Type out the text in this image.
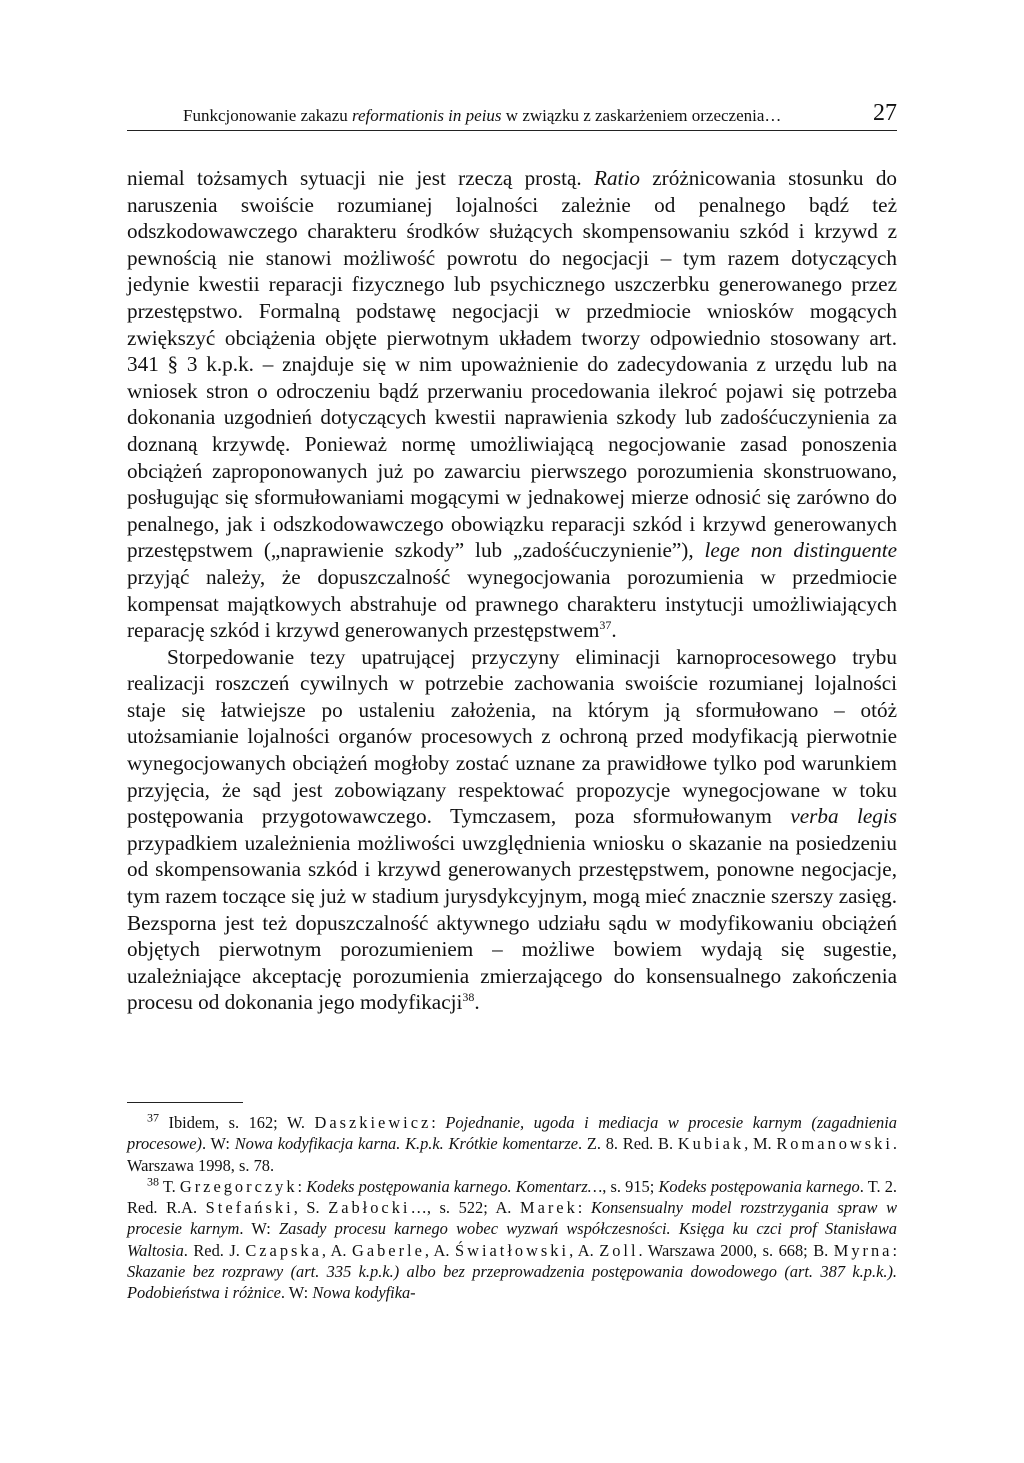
Funkcjonowanie zakazu reformationis in peius w związku z zaskarżeniem orzeczenia…	27

niemal tożsamych sytuacji nie jest rzeczą prostą. Ratio zróżnicowania stosunku do naruszenia swoiście rozumianej lojalności zależnie od penalnego bądź też odszkodowawczego charakteru środków służących skompensowaniu szkód i krzywd z pewnością nie stanowi możliwość powrotu do negocjacji – tym razem dotyczących jedynie kwestii reparacji fizycznego lub psychicznego uszczerbku generowanego przez przestępstwo. Formalną podstawę negocjacji w przedmiocie wniosków mogących zwiększyć obciążenia objęte pierwotnym układem tworzy odpowiednio stosowany art. 341 § 3 k.p.k. – znajduje się w nim upoważnienie do zadecydowania z urzędu lub na wniosek stron o odroczeniu bądź przerwaniu procedowania ilekroć pojawi się potrzeba dokonania uzgodnień dotyczących kwestii naprawienia szkody lub zadośćuczynienia za doznaną krzywdę. Ponieważ normę umożliwiającą negocjowanie zasad ponoszenia obciążeń zaproponowanych już po zawarciu pierwszego porozumienia skonstruowano, posługując się sformułowaniami mogącymi w jednakowej mierze odnosić się zarówno do penalnego, jak i odszkodowawczego obowiązku reparacji szkód i krzywd generowanych przestępstwem („naprawienie szkody” lub „zadośćuczynienie”), lege non distinguente przyjąć należy, że dopuszczalność wynegocjowania porozumienia w przedmiocie kompensat majątkowych abstrahuje od prawnego charakteru instytucji umożliwiających reparację szkód i krzywd generowanych przestępstwem$^{37}$.

Storpedowanie tezy upatrującej przyczyny eliminacji karnoprocesowego trybu realizacji roszczeń cywilnych w potrzebie zachowania swoiście rozumianej lojalności staje się łatwiejsze po ustaleniu założenia, na którym ją sformułowano – otóż utożsamianie lojalności organów procesowych z ochroną przed modyfikacją pierwotnie wynegocjowanych obciążeń mogłoby zostać uznane za prawidłowe tylko pod warunkiem przyjęcia, że sąd jest zobowiązany respektować propozycje wynegocjowane w toku postępowania przygotowawczego. Tymczasem, poza sformułowanym verba legis przypadkiem uzależnienia możliwości uwzględnienia wniosku o skazanie na posiedzeniu od skompensowania szkód i krzywd generowanych przestępstwem, ponowne negocjacje, tym razem toczące się już w stadium jurysdykcyjnym, mogą mieć znacznie szerszy zasięg. Bezsporna jest też dopuszczalność aktywnego udziału sądu w modyfikowaniu obciążeń objętych pierwotnym porozumieniem – możliwe bowiem wydają się sugestie, uzależniające akceptację porozumienia zmierzającego do konsensualnego zakończenia procesu od dokonania jego modyfikacji$^{38}$.

$^{37}$ Ibidem, s. 162; W. Daszkiewicz: Pojednanie, ugoda i mediacja w procesie karnym (zagadnienia procesowe). W: Nowa kodyfikacja karna. K.p.k. Krótkie komentarze. Z. 8. Red. B. Kubiak, M. Romanowski. Warszawa 1998, s. 78.

$^{38}$ T. Grzegorczyk: Kodeks postępowania karnego. Komentarz…, s. 915; Kodeks postępowania karnego. T. 2. Red. R.A. Stefański, S. Zabłocki…, s. 522; A. Marek: Konsensualny model rozstrzygania spraw w procesie karnym. W: Zasady procesu karnego wobec wyzwań współczesności. Księga ku czci prof Stanisława Waltosia. Red. J. Czapska, A. Gaberle, A. Światłowski, A. Zoll. Warszawa 2000, s. 668; B. Myrna: Skazanie bez rozprawy (art. 335 k.p.k.) albo bez przeprowadzenia postępowania dowodowego (art. 387 k.p.k.). Podobieństwa i różnice. W: Nowa kodyfika-
